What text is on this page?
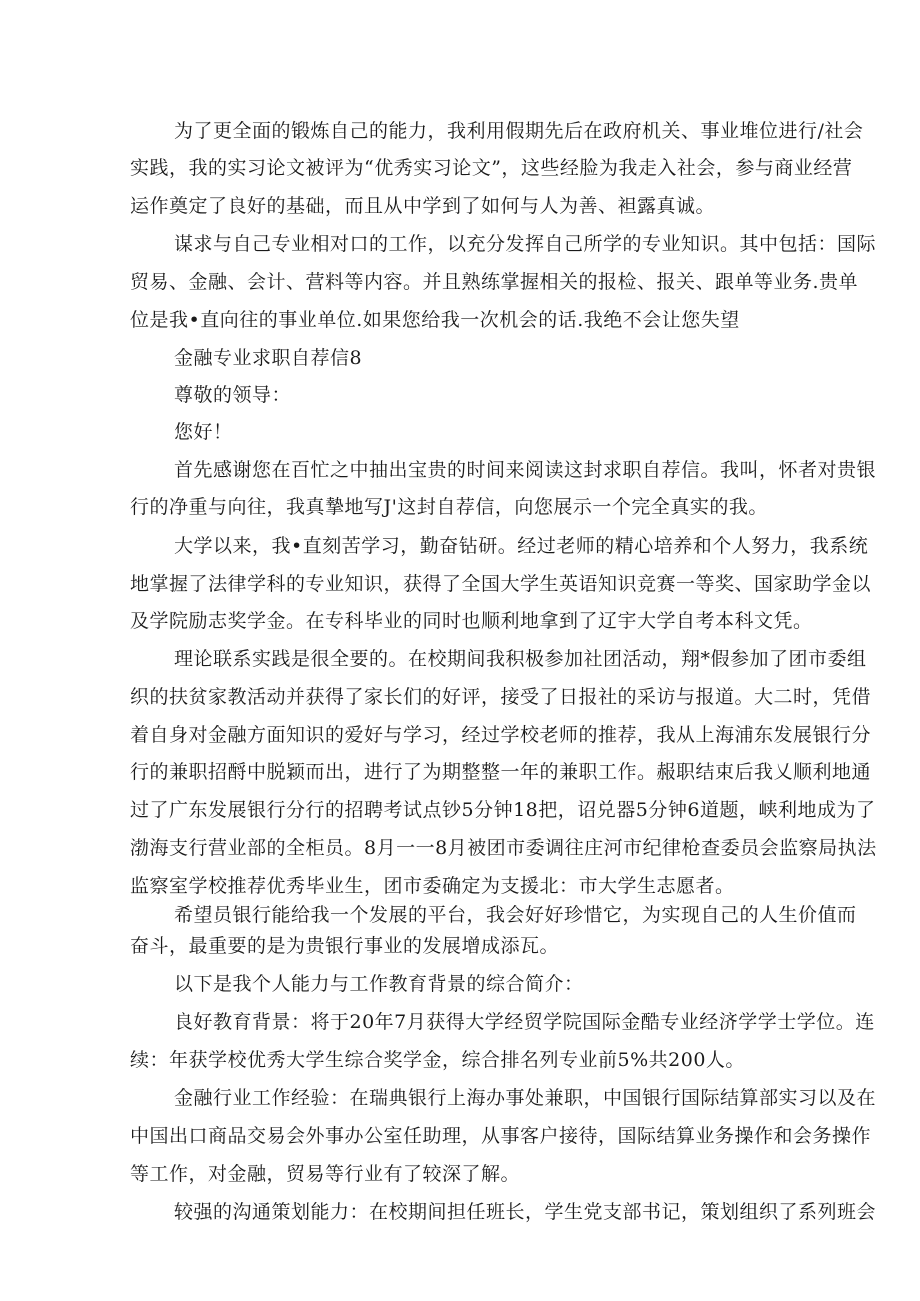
为了更全面的锻炼自己的能力，我利用假期先后在政府机关、事业堆位进行/社会
实践，我的实习论文被评为“优秀实习论文”，这些经脸为我走入社会，参与商业经营
运作奠定了良好的基础，而且从中学到了如何与人为善、袒露真诚。
谋求与自己专业相对口的工作，以充分发挥自己所学的专业知识。其中包括：国际
贸易、金融、会计、营料等内容。并且熟练掌握相关的报检、报关、跟单等业务.贵单
位是我•直向往的事业单位.如果您给我一次机会的话.我绝不会让您失望
金融专业求职自荐信8
尊敬的领导：
您好！
首先感谢您在百忙之中抽出宝贵的时间来阅读这封求职自荐信。我叫，怀者对贵银
行的净重与向往，我真摯地写J'这封自荐信，向您展示一个完全真实的我。
大学以来，我•直刻苦学习，勤奋钻研。经过老师的精心培养和个人努力，我系统
地掌握了法律学科的专业知识，获得了全国大学生英语知识竞赛一等奖、国家助学金以
及学院励志奖学金。在专科毕业的同时也顺利地拿到了辽宇大学自考本科文凭。
理论联系实践是很全要的。在校期间我积极参加社团活动，翔*假参加了团市委组
织的扶贫家教活动并获得了家长们的好评，接受了日报社的采访与报道。大二时，凭借
着自身对金融方面知识的爱好与学习，经过学校老师的推荐，我从上海浦东发展银行分
行的兼职招酹中脱颖而出，进行了为期整整一年的兼职工作。赧职结束后我乂顺利地通
过了广东发展银行分行的招聘考试点钞5分钟18把，诏兑器5分钟6道题，峡利地成为了
渤海支行营业部的全柜员。8月一一8月被团市委调往庄河市纪律枪查委员会监察局执法
监察室学校推荐优秀毕业生，团市委确定为支援北：市大学生志愿者。
希望员银行能给我一个发展的平台，我会好好珍惜它，为实现自己的人生价值而
奋斗，最重要的是为贵银行事业的发展增成添瓦。
以下是我个人能力与工作教育背景的综合简介：
良好教育背景：将于20年7月获得大学经贸学院国际金酷专业经济学学士学位。连
续：年获学校优秀大学生综合奖学金，综合排名列专业前5%共200人。
金融行业工作经验：在瑞典银行上海办事处兼职，中国银行国际结算部实习以及在
中国出口商品交易会外事办公室任助理，从事客户接待，国际结算业务操作和会务操作
等工作，对金融，贸易等行业有了较深了解。
较强的沟通策划能力：在校期间担任班长，学生党支部书记，策划组织了系列班会
